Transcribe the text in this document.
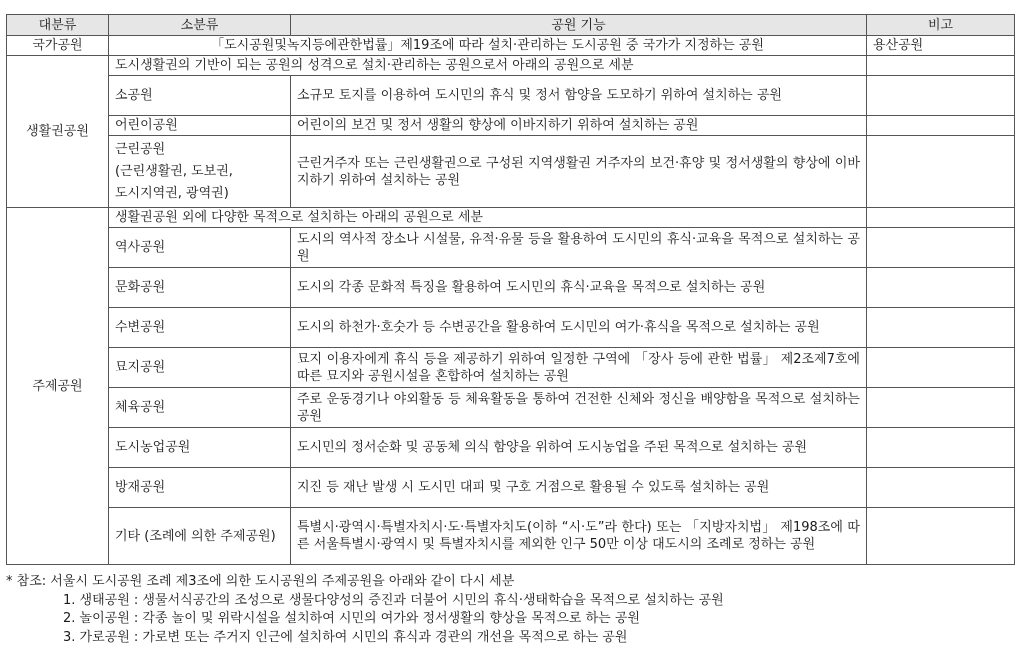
대분류	소분류	공원 기능	비고
국가공원	「도시공원및녹지등에관한법률」제19조에 따라 설치·관리하는 도시공원 중 국가가 지정하는 공원		용산공원
생활권공원	도시생활권의 기반이 되는 공원의 성격으로 설치·관리하는 공원으로서 아래의 공원으로 세분		
	소공원	소규모 토지를 이용하여 도시민의 휴식 및 정서 함양을 도모하기 위하여 설치하는 공원	
	어린이공원	어린이의 보건 및 정서 생활의 향상에 이바지하기 위하여 설치하는 공원	
	근린공원
(근린생활권, 도보권,
도시지역권, 광역권)	근린거주자 또는 근린생활권으로 구성된 지역생활권 거주자의 보건·휴양 및 정서생활의 향상에 이바지하기 위하여 설치하는 공원	
주제공원	생활권공원 외에 다양한 목적으로 설치하는 아래의 공원으로 세분		
	역사공원	도시의 역사적 장소나 시설물, 유적·유물 등을 활용하여 도시민의 휴식·교육을 목적으로 설치하는 공원	
	문화공원	도시의 각종 문화적 특징을 활용하여 도시민의 휴식·교육을 목적으로 설치하는 공원	
	수변공원	도시의 하천가·호숫가 등 수변공간을 활용하여 도시민의 여가·휴식을 목적으로 설치하는 공원	
	묘지공원	묘지 이용자에게 휴식 등을 제공하기 위하여 일정한 구역에 「장사 등에 관한 법률」 제2조제7호에 따른 묘지와 공원시설을 혼합하여 설치하는 공원	
	체육공원	주로 운동경기나 야외활동 등 체육활동을 통하여 건전한 신체와 정신을 배양함을 목적으로 설치하는 공원	
	도시농업공원	도시민의 정서순화 및 공동체 의식 함양을 위하여 도시농업을 주된 목적으로 설치하는 공원	
	방재공원	지진 등 재난 발생 시 도시민 대피 및 구호 거점으로 활용될 수 있도록 설치하는 공원	
	기타 (조례에 의한 주제공원)	특별시·광역시·특별자치시·도·특별자치도(이하 “시·도”라 한다) 또는 「지방자치법」 제198조에 따른 서울특별시·광역시 및 특별자치시를 제외한 인구 50만 이상 대도시의 조례로 정하는 공원	
* 참조: 서울시 도시공원 조례 제3조에 의한 도시공원의 주제공원을 아래와 같이 다시 세분
1. 생태공원 : 생물서식공간의 조성으로 생물다양성의 증진과 더불어 시민의 휴식·생태학습을 목적으로 설치하는 공원
2. 놀이공원 : 각종 놀이 및 위락시설을 설치하여 시민의 여가와 정서생활의 향상을 목적으로 하는 공원
3. 가로공원 : 가로변 또는 주거지 인근에 설치하여 시민의 휴식과 경관의 개선을 목적으로 하는 공원
